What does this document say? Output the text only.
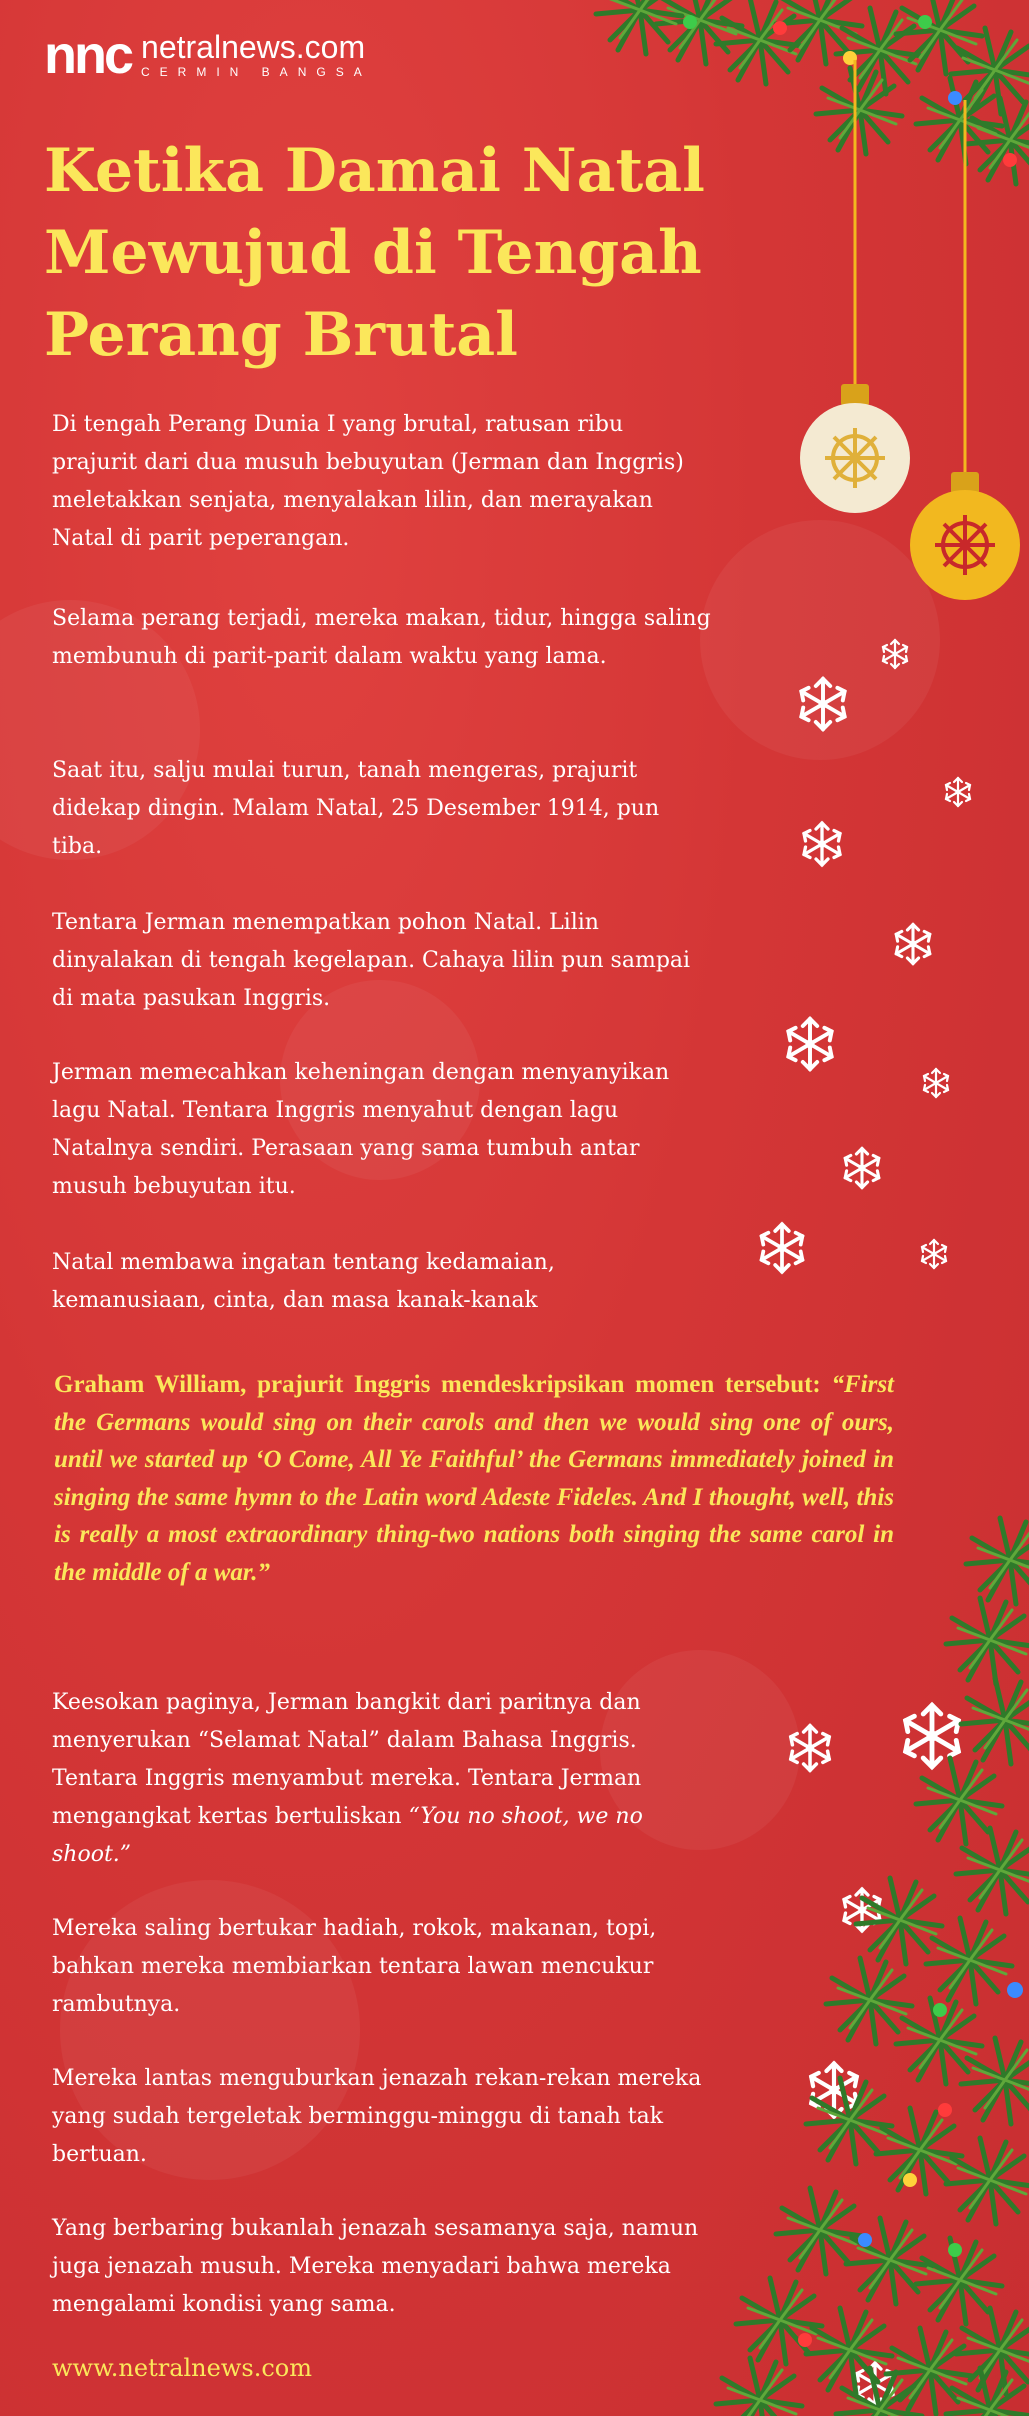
nnc netralnews.com
CERMIN BANGSA
Ketika Damai Natal
Mewujud di Tengah
Perang Brutal

Di tengah Perang Dunia I yang brutal, ratusan ribu prajurit dari dua musuh bebuyutan (Jerman dan Inggris) meletakkan senjata, menyalakan lilin, dan merayakan Natal di parit peperangan.

Selama perang terjadi, mereka makan, tidur, hingga saling membunuh di parit-parit dalam waktu yang lama.

Saat itu, salju mulai turun, tanah mengeras, prajurit didekap dingin. Malam Natal, 25 Desember 1914, pun tiba.

Tentara Jerman menempatkan pohon Natal. Lilin dinyalakan di tengah kegelapan. Cahaya lilin pun sampai di mata pasukan Inggris.

Jerman memecahkan keheningan dengan menyanyikan lagu Natal. Tentara Inggris menyahut dengan lagu Natalnya sendiri. Perasaan yang sama tumbuh antar musuh bebuyutan itu.

Natal membawa ingatan tentang kedamaian, kemanusiaan, cinta, dan masa kanak-kanak

Graham William, prajurit Inggris mendeskripsikan momen tersebut: “First the Germans would sing on their carols and then we would sing one of ours, until we started up ‘O Come, All Ye Faithful’ the Germans immediately joined in singing the same hymn to the Latin word Adeste Fideles. And I thought, well, this is really a most extraordinary thing-two nations both singing the same carol in the middle of a war.”

Keesokan paginya, Jerman bangkit dari paritnya dan menyerukan “Selamat Natal” dalam Bahasa Inggris. Tentara Inggris menyambut mereka. Tentara Jerman mengangkat kertas bertuliskan “You no shoot, we no shoot.”

Mereka saling bertukar hadiah, rokok, makanan, topi, bahkan mereka membiarkan tentara lawan mencukur rambutnya.

Mereka lantas menguburkan jenazah rekan-rekan mereka yang sudah tergeletak berminggu-minggu di tanah tak bertuan.

Yang berbaring bukanlah jenazah sesamanya saja, namun juga jenazah musuh. Mereka menyadari bahwa mereka mengalami kondisi yang sama.

www.netralnews.com
